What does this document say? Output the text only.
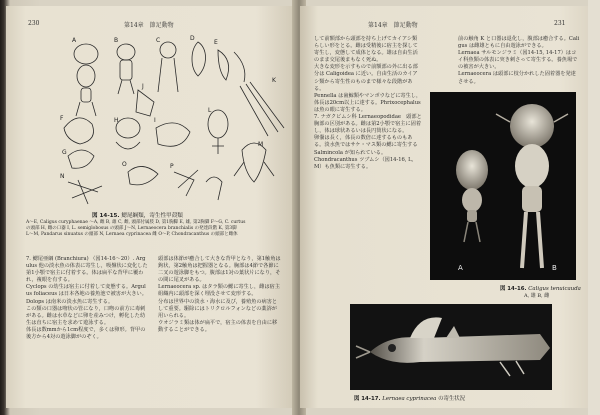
230	第14章　節足動物
A	B	C	D
E
K
F
G
H	I
J
L
M
N
O	P
図 14-15. 鰓尾綱類，寄生性甲殻類

A〜E, Caligus curyphaenae 〜A, 雌 B, 雄 C, 雌, 頭部付属肢 D, 第1胸脚 E, 雄, 第2胸脚 F〜G, C. curtus

の頭部 H, 雌の口器 I, L. semiglobosus の頭部 J〜N, Lernaeocera branchialis の発達段階 K, 第3脚

L〜M, Pandarus sinuatus の頭部 N, Lernaea cyprinacea 雌 O〜P, Chondracanthus の頭部と雌体

7. 鰓尾亜綱 (Branchiura) （図14-16〜20）. Argulus 他の淡水魚の体表に寄生し，吸盤状に変化した第1小顎で宿主に付着する。体は扁平な背甲に覆われ，複眼を有する。

Cyclops の幼生は宿主に付着して変態する。Argulus foliaceus は日本各地の養魚池で被害が大きい。Dolops は南米の淡水魚に寄生する。

この類の口器は吻状の管になり，口吻の前方に毒刺がある。雌は水草などに卵を産みつけ，孵化した幼生は直ちに宿主を求めて遊泳する。

体長は数mmから1cm程度で，多くは卵形。背甲の後方から4対の遊泳脚がのぞく。

頭部は体節が癒合して大きな背甲となり，第1触角は鉤状，第2触角は把握器となる。胸部は4節で各節に二叉の遊泳脚をもつ。腹部は1対の葉状片になり，その間に尾叉がある。

Lernaeocera sp. はタラ類の鰓に寄生し，雌は宿主組織内に頭部を深く埋没させて変形する。

分布は世界中の淡水・海水に及び，養殖魚の病害として重要。駆除にはトリクロルフォンなどの薬浴が用いられる。

ウオジラミ類は体が扁平で，宿主の体表を自由に移動することができる。

第14章　節足動物	231

して前額部から頭部を持ち上げてカイアシ類らしい形をとる。雌は受精後に宿主を探して寄生し，変態して成体となる。雄は自由生活のまま交尾後まもなく死ぬ。

大きな変形を示すもので前額部の外に出る部分は Caligoidea に近い。自由生活のカイアシ類から寄生性のものまで様々な段階がある。

Pennella は歯鯨類やマンボウなどに寄生し，体長は20cm以上に達する。Phrixocephalus は魚の眼に寄生する。

7. ナガクビムシ科 Lernaeopodidae　頭部と胸部の区別がある。雌は第2小顎で宿主に固着し，体は球状あるいは長円筒状になる。

卵嚢は長く，体長の数倍に達するものもある。淡水魚ではサケ・マス類の鰓に寄生する Salmincola が知られている。

Chondracanthus ツブムシ（図14-16, L, M）も魚類に寄生する。

前の触角 K と口器は退化し，腹部は癒合する。Caligus は雌雄ともに自由遊泳ができる。

Lernaea サルモンジラミ（図14-15, 14-17）はコイ科魚類の体表に突き刺さって寄生する。養魚場での被害が大きい。

Lernaeocera は頭部に枝分かれした固着器を発達させる。

A	B
図 14-16. Caligus tenuicauda
A, 雄 B, 雌
図 14-17. Lernaea cyprinacea の寄生状況
